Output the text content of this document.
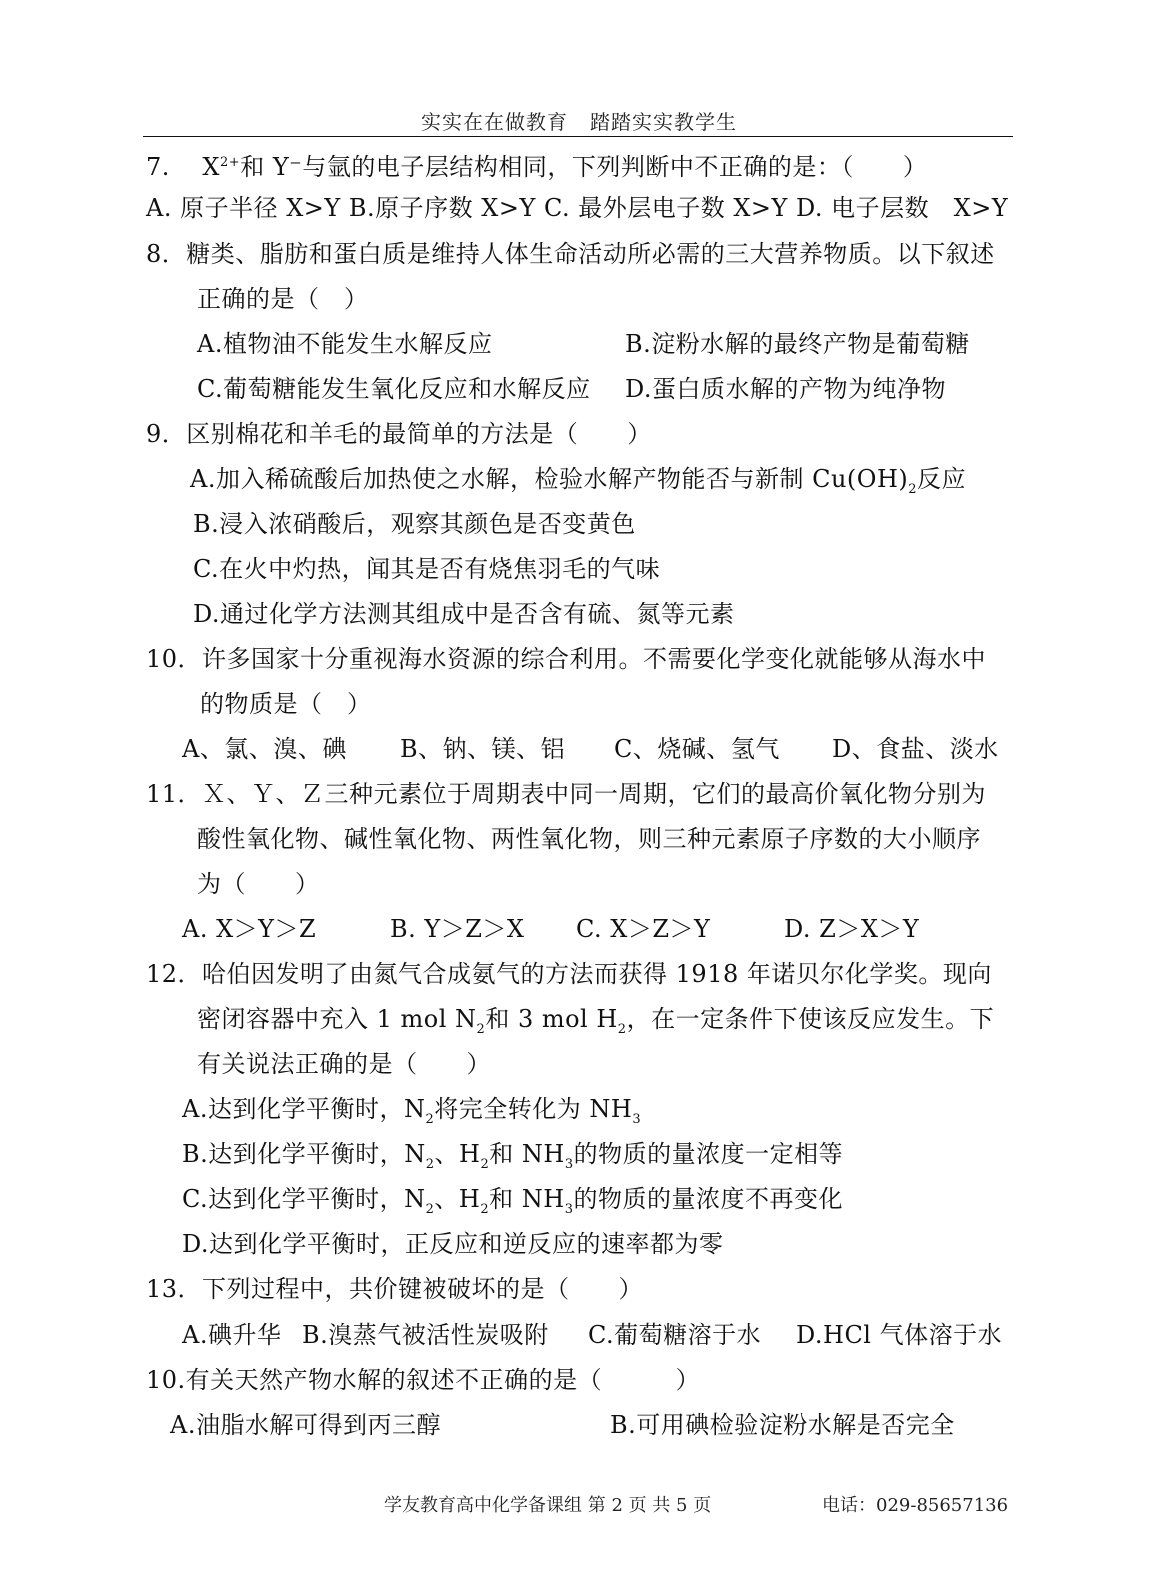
实实在在做教育 踏踏实实教学生
7. $X^{2+}$和 Y⁻与氩的电子层结构相同，下列判断中不正确的是：（　　）
A. 原子半径 X>Y B.原子序数 X>Y C. 最外层电子数 X>Y D. 电子层数　X>Y
8．糖类、脂肪和蛋白质是维持人体生命活动所必需的三大营养物质。以下叙述
正确的是（　）
A.植物油不能发生水解反应	B.淀粉水解的最终产物是葡萄糖
C.葡萄糖能发生氧化反应和水解反应 D.蛋白质水解的产物为纯净物
9．区别棉花和羊毛的最简单的方法是（　　）
A.加入稀硫酸后加热使之水解，检验水解产物能否与新制 $Cu(OH)_2$反应
B.浸入浓硝酸后，观察其颜色是否变黄色
C.在火中灼热，闻其是否有烧焦羽毛的气味
D.通过化学方法测其组成中是否含有硫、氮等元素
10．许多国家十分重视海水资源的综合利用。不需要化学变化就能够从海水中
的物质是（　）
A、氯、溴、碘 B、钠、镁、铝 C、烧碱、氢气 D、食盐、淡水
11．Ｘ、Ｙ、Ｚ三种元素位于周期表中同一周期，它们的最高价氧化物分别为
酸性氧化物、碱性氧化物、两性氧化物，则三种元素原子序数的大小顺序
为（　　）
A. X＞Y＞Z	B. Y＞Z＞X C. X＞Z＞Y	D. Z＞X＞Y
12．哈伯因发明了由氮气合成氨气的方法而获得 1918 年诺贝尔化学奖。现向
密闭容器中充入 1 mol $N_2$和 3 mol $H_2$，在一定条件下使该反应发生。下
有关说法正确的是（　　）
A.达到化学平衡时，$N_2$将完全转化为 $NH_3$
B.达到化学平衡时，$N_2$、$H_2$和 $NH_3$的物质的量浓度一定相等
C.达到化学平衡时，$N_2$、$H_2$和 $NH_3$的物质的量浓度不再变化
D.达到化学平衡时，正反应和逆反应的速率都为零
13．下列过程中，共价键被破坏的是（　　）
A.碘升华 B.溴蒸气被活性炭吸附 C.葡萄糖溶于水 D.HCl 气体溶于水
10.有关天然产物水解的叙述不正确的是（　　　）
A.油脂水解可得到丙三醇	B.可用碘检验淀粉水解是否完全
学友教育高中化学备课组 第 2 页 共 5 页	电话：029-85657136
